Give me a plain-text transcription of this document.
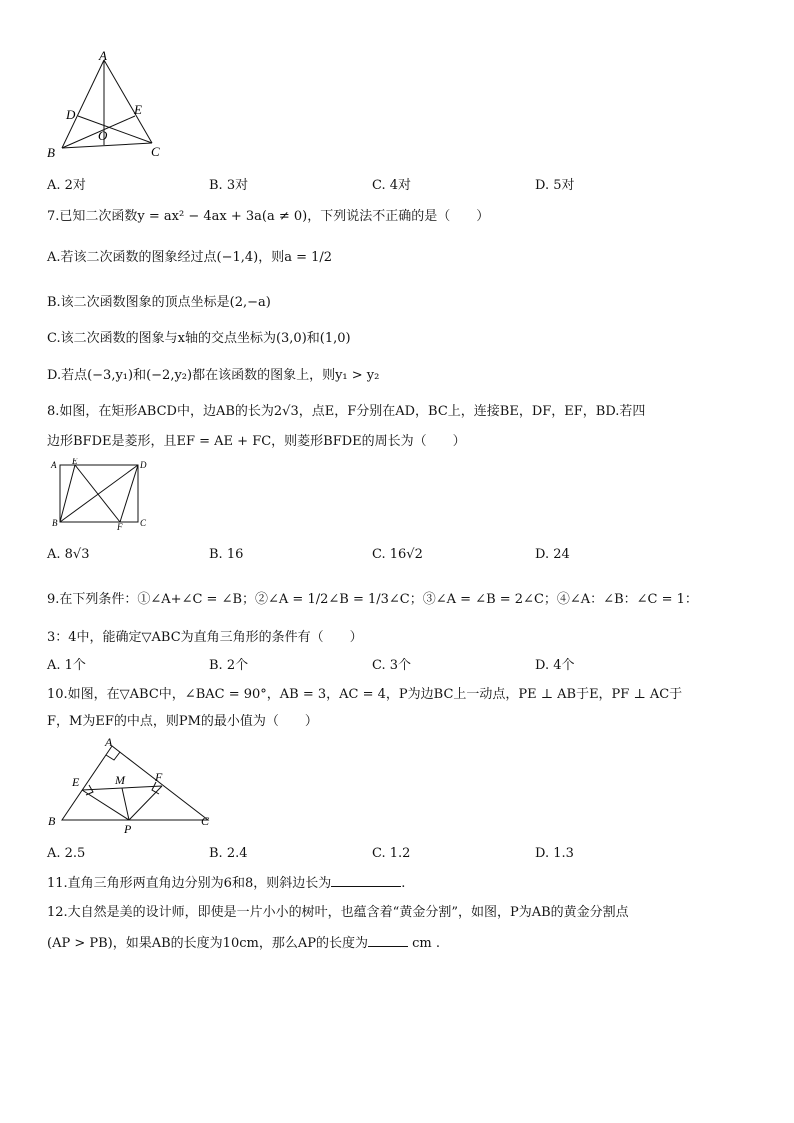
A
D	E
O
B	C
A. 2对	B. 3对	C. 4对	D. 5对
7.已知二次函数y = ax² − 4ax + 3a(a ≠ 0)，下列说法不正确的是（　　）
A.若该二次函数的图象经过点(−1,4)，则a = 1/2
B.该二次函数图象的顶点坐标是(2,−a)
C.该二次函数的图象与x轴的交点坐标为(3,0)和(1,0)
D.若点(−3,y₁)和(−2,y₂)都在该函数的图象上，则y₁ > y₂
8.如图，在矩形ABCD中，边AB的长为2√3，点E，F分别在AD，BC上，连接BE，DF，EF，BD.若四
边形BFDE是菱形，且EF = AE + FC，则菱形BFDE的周长为（　　）
A E	D
B	F C
A. 8√3	B. 16	C. 16√2	D. 24
9.在下列条件：①∠A+∠C = ∠B；②∠A = 1/2∠B = 1/3∠C；③∠A = ∠B = 2∠C；④∠A：∠B：∠C = 1：
3：4中，能确定▽ABC为直角三角形的条件有（　　）
A. 1个	B. 2个	C. 3个	D. 4个
10.如图，在▽ABC中，∠BAC = 90°，AB = 3，AC = 4，P为边BC上一动点，PE ⊥ AB于E，PF ⊥ AC于
F，M为EF的中点，则PM的最小值为（　　）
A
E	M	F
B
P
C
A. 2.5	B. 2.4	C. 1.2	D. 1.3
11.直角三角形两直角边分别为6和8，则斜边长为	.
12.大自然是美的设计师，即使是一片小小的树叶，也蕴含着“黄金分割”，如图，P为AB的黄金分割点
(AP > PB)，如果AB的长度为10cm，那么AP的长度为	cm .
